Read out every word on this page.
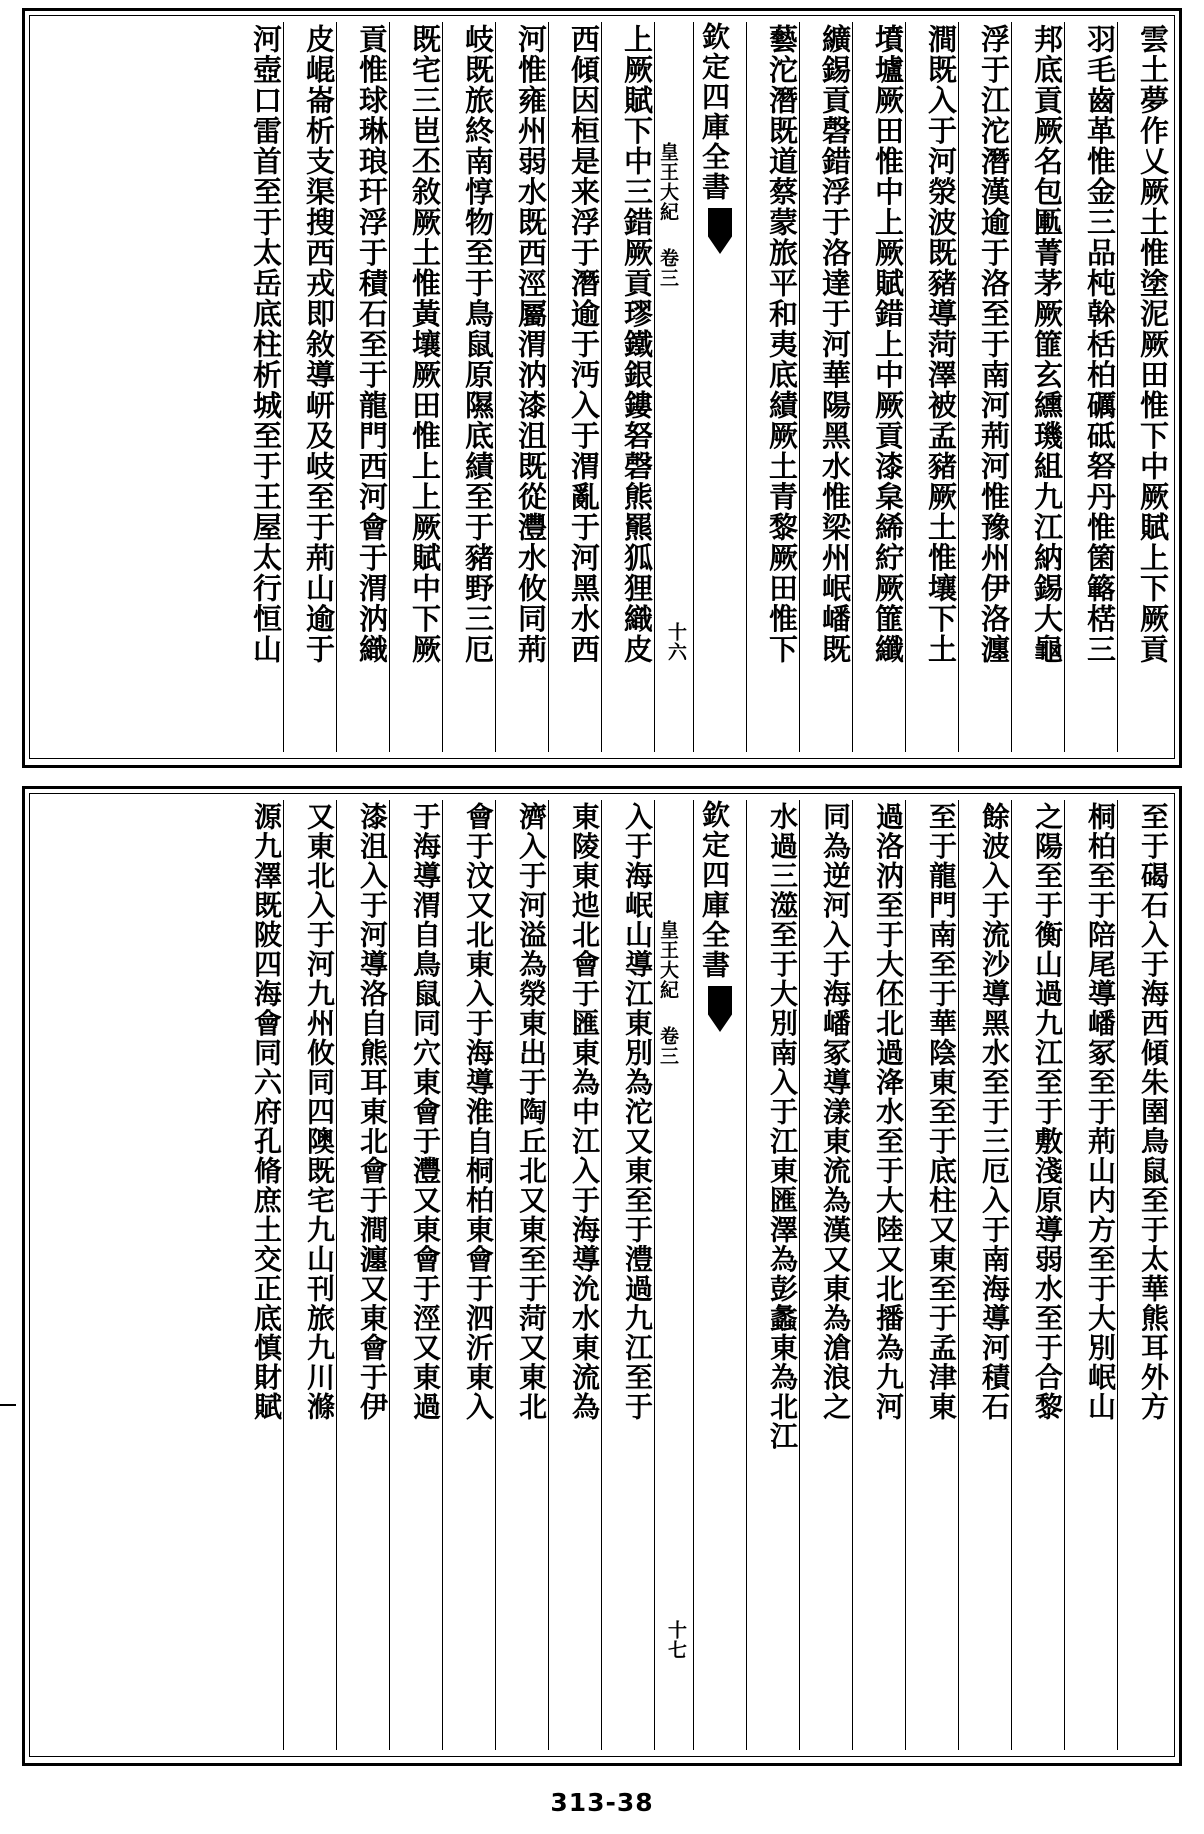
雲土夢作乂厥土惟塗泥厥田惟下中厥賦上下厥貢
羽毛齒革惟金三品杶榦栝柏礪砥砮丹惟箘簵楛三
邦底貢厥名包匭菁茅厥篚玄纁璣組九江納錫大龜
浮于江沱潛漢逾于洛至于南河荊河惟豫州伊洛瀍
澗既入于河滎波既豬導菏澤被孟豬厥土惟壤下土
墳壚厥田惟中上厥賦錯上中厥貢漆枲絺紵厥篚纖
纊錫貢磬錯浮于洛達于河華陽黑水惟梁州岷嶓既
藝沱潛既道蔡蒙旅平和夷底績厥土青黎厥田惟下
欽定四庫全書
皇王大紀
卷三
十六
上厥賦下中三錯厥貢璆鐵銀鏤砮磬熊羆狐狸織皮
西傾因桓是来浮于潛逾于沔入于渭亂于河黑水西
河惟雍州弱水既西涇屬渭汭漆沮既從灃水攸同荊
岐既旅終南惇物至于鳥鼠原隰底績至于豬野三厄
既宅三岜丕敘厥土惟黃壤厥田惟上上厥賦中下厥
貢惟球琳琅玕浮于積石至于龍門西河會于渭汭織
皮崐崙析支渠搜西戎即敘導岍及岐至于荊山逾于
河壺口雷首至于太岳底柱析城至于王屋太行恒山
至于碣石入于海西傾朱圉鳥鼠至于太華熊耳外方
桐柏至于陪尾導嶓冢至于荊山内方至于大別岷山
之陽至于衡山過九江至于敷淺原導弱水至于合黎
餘波入于流沙導黑水至于三厄入于南海導河積石
至于龍門南至于華陰東至于底柱又東至于孟津東
過洛汭至于大伾北過洚水至于大陸又北播為九河
同為逆河入于海嶓冢導漾東流為漢又東為滄浪之
水過三澨至于大別南入于江東匯澤為彭蠡東為北江
欽定四庫全書
皇王大紀
卷三
十七
入于海岷山導江東別為沱又東至于澧過九江至于
東陵東迆北會于匯東為中江入于海導沇水東流為
濟入于河溢為滎東出于陶丘北又東至于菏又東北
會于汶又北東入于海導淮自桐柏東會于泗沂東入
于海導渭自鳥鼠同穴東會于灃又東會于涇又東過
漆沮入于河導洛自熊耳東北會于澗瀍又東會于伊
又東北入于河九州攸同四隩既宅九山刊旅九川滌
源九澤既陂四海會同六府孔脩庶土交正底慎財賦
313-38
